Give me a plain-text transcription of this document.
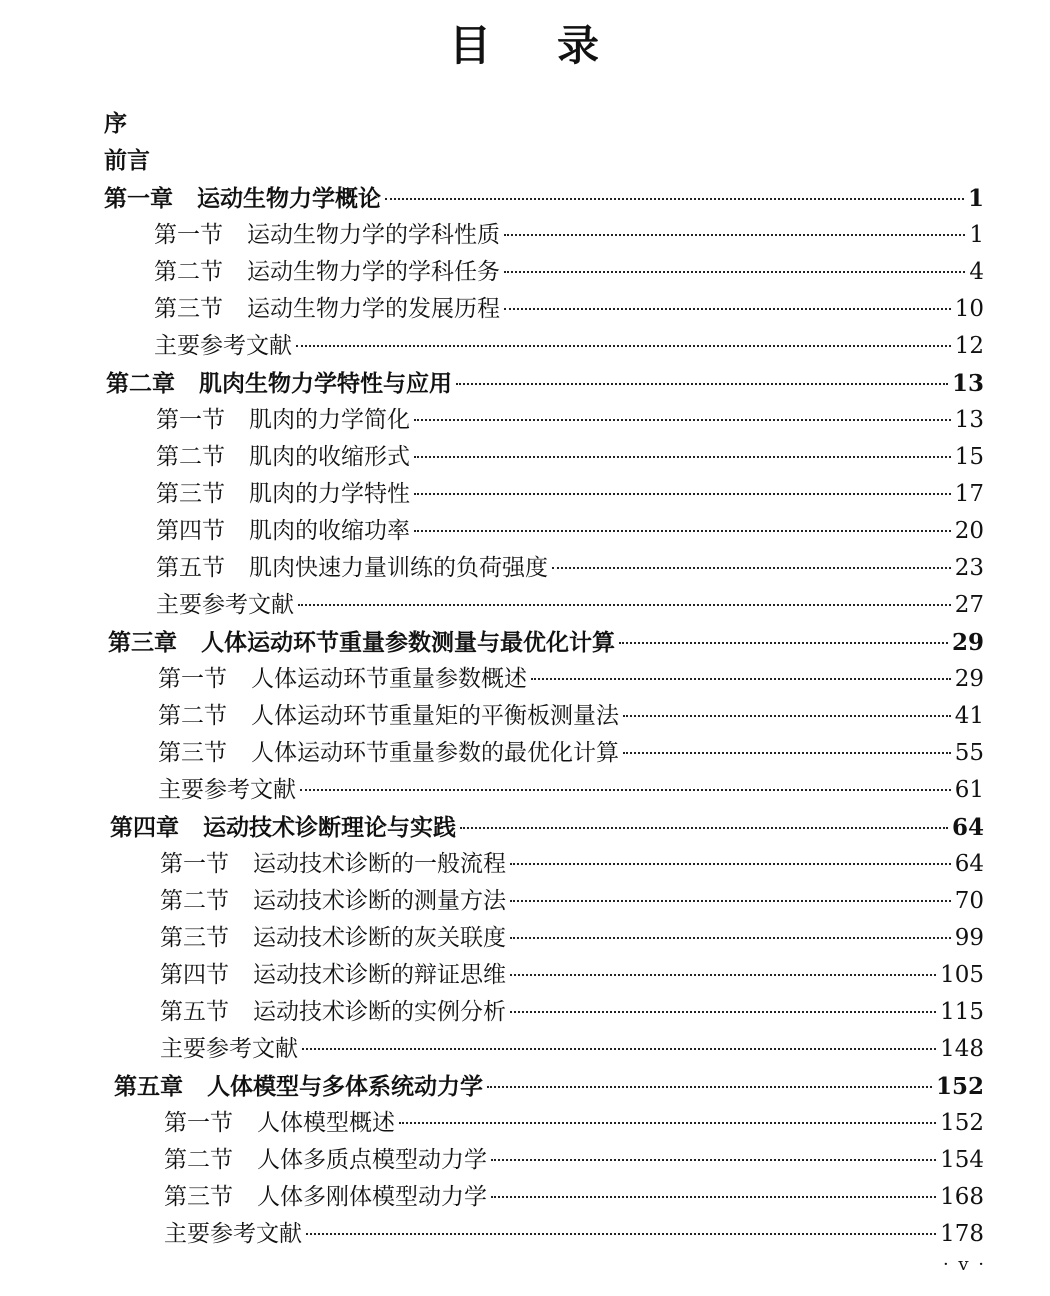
目 录
序
前言
第一章 运动生物力学概论	1
第一节 运动生物力学的学科性质	1
第二节 运动生物力学的学科任务	4
第三节 运动生物力学的发展历程	10
主要参考文献	12
第二章 肌肉生物力学特性与应用	13
第一节 肌肉的力学简化	13
第二节 肌肉的收缩形式	15
第三节 肌肉的力学特性	17
第四节 肌肉的收缩功率	20
第五节 肌肉快速力量训练的负荷强度	23
主要参考文献	27
第三章 人体运动环节重量参数测量与最优化计算	29
第一节 人体运动环节重量参数概述	29
第二节 人体运动环节重量矩的平衡板测量法	41
第三节 人体运动环节重量参数的最优化计算	55
主要参考文献	61
第四章 运动技术诊断理论与实践	64
第一节 运动技术诊断的一般流程	64
第二节 运动技术诊断的测量方法	70
第三节 运动技术诊断的灰关联度	99
第四节 运动技术诊断的辩证思维	105
第五节 运动技术诊断的实例分析	115
主要参考文献	148
第五章 人体模型与多体系统动力学	152
第一节 人体模型概述	152
第二节 人体多质点模型动力学	154
第三节 人体多刚体模型动力学	168
主要参考文献	178
· v ·
